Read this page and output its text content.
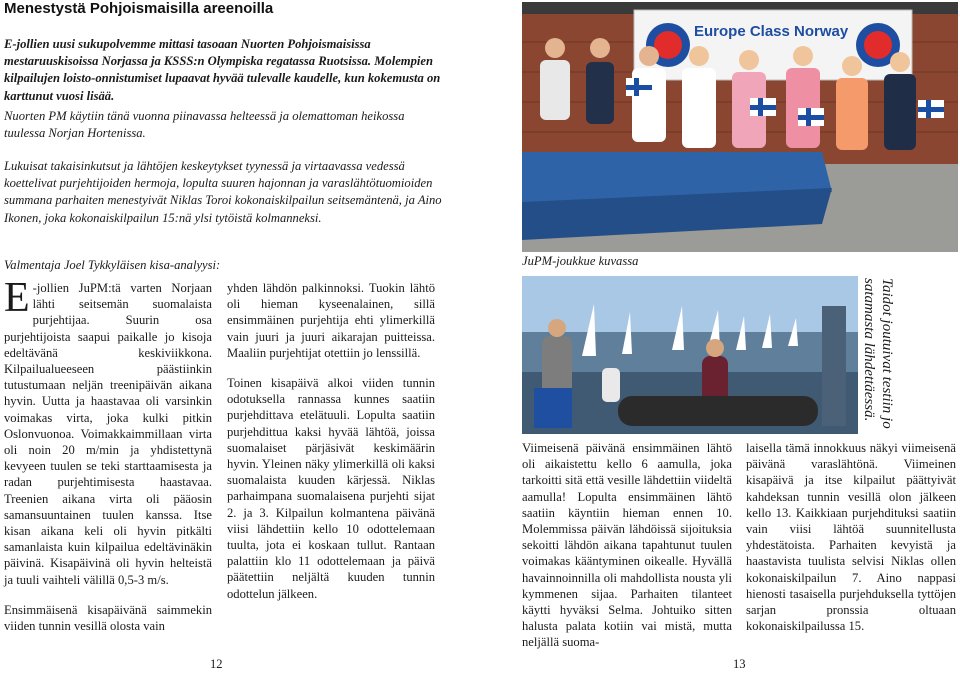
Menestystä Pohjoismaisilla areenoilla
E-jollien uusi sukupolvemme mittasi tasoaan Nuorten Pohjoismaisissa mestaruuskisoissa Norjassa ja KSSS:n Olympiska regatassa Ruotsissa. Molempien kilpailujen loisto-onnistumiset lupaavat hyvää tulevalle kaudelle, kun kokemusta on karttunut vuosi lisää.
Nuorten PM käytiin tänä vuonna piinavassa helteessä ja olemattoman heikossa tuulessa Norjan Hortenissa.
Lukuisat takaisinkutsut ja lähtöjen keskeytykset tyynessä ja virtaavassa vedessä koettelivat purjehtijoiden hermoja, lopulta suuren hajonnan ja varaslähtötuomioiden summana parhaiten menestyivät Niklas Toroi kokonaiskilpailun seitsemäntenä, ja Aino Ikonen, joka kokonaiskilpailun 15:nä ylsi tytöistä kolmanneksi.
Valmentaja Joel Tykkyläisen kisa-analyysi:

E -jollien JuPM:tä varten Norjaan lähti seitsemän suomalaista purjehtijaa. Suurin osa purjehtijoista saapui paikalle jo kisoja edeltävänä keskiviikkona. Kilpailualueeseen päästiinkin tutustumaan neljän treenipäivän aikana hyvin. Uutta ja haastavaa oli varsinkin voimakas virta, joka kulki pitkin Oslonvuonoa. Voimakkaimmillaan virta oli noin 20 m/min ja yhdistettynä kevyeen tuulen se teki starttaamisesta ja radan purjehtimisesta haastavaa. Treenien aikana virta oli pääosin samansuuntainen tuulen kanssa. Itse kisan aikana keli oli hyvin pitkälti samanlaista kuin kilpailua edeltävinäkin päivinä. Kisapäivinä oli hyvin helteistä ja tuuli vaihteli välillä 0,5-3 m/s.

Ensimmäisenä kisapäivänä saimmekin viiden tunnin vesillä olosta vain

yhden lähdön palkinnoksi. Tuokin lähtö oli hieman kyseenalainen, sillä ensimmäinen purjehtija ehti ylimerkillä vain juuri ja juuri aikarajan puitteissa. Maaliin purjehtijat otettiin jo lenssillä.

Toinen kisapäivä alkoi viiden tunnin odotuksella rannassa kunnes saatiin purjehdittava etelätuuli. Lopulta saatiin purjehdittua kaksi hyvää lähtöä, joissa suomalaiset pärjäsivät keskimäärin hyvin. Yleinen näky ylimerkillä oli kaksi suomalaista kuuden kärjessä. Niklas parhaimpana suomalaisena purjehti sijat 2. ja 3. Kilpailun kolmantena päivänä viisi lähdettiin kello 10 odottelemaan tuulta, jota ei koskaan tullut. Rantaan palattiin klo 11 odottelemaan ja päivä päätettiin neljältä kuuden tunnin odottelun jälkeen.

12
Europe Class Norway
JuPM-joukkue kuvassa
Taidot joutuivat testiin jo
satamasta lähdettäessä.

Viimeisenä päivänä ensimmäinen lähtö oli aikaistettu kello 6 aamulla, joka tarkoitti sitä että vesille lähdettiin viideltä aamulla! Lopulta ensimmäinen lähtö saatiin käyntiin hieman ennen 10. Molemmissa päivän lähdöissä sijoituksia sekoitti lähdön aikana tapahtunut tuulen voimakas kääntyminen oikealle. Hyvällä havainnoinnilla oli mahdollista nousta yli kymmenen sijaa. Parhaiten tilanteet käytti hyväksi Selma. Johtuiko sitten halusta palata kotiin vai mistä, mutta neljällä suoma-

laisella tämä innokkuus näkyi viimeisenä päivänä varaslähtönä. Viimeinen kisapäivä ja itse kilpailut päättyivät kahdeksan tunnin vesillä olon jälkeen kello 13. Kaikkiaan purjehdituksi saatiin vain viisi lähtöä suunnitellusta yhdestätoista. Parhaiten kevyistä ja haastavista tuulista selvisi Niklas ollen kokonaiskilpailun 7. Aino nappasi hienosti tasaisella purjehduksella tyttöjen sarjan pronssia oltuaan kokonaiskilpailussa 15.

13
